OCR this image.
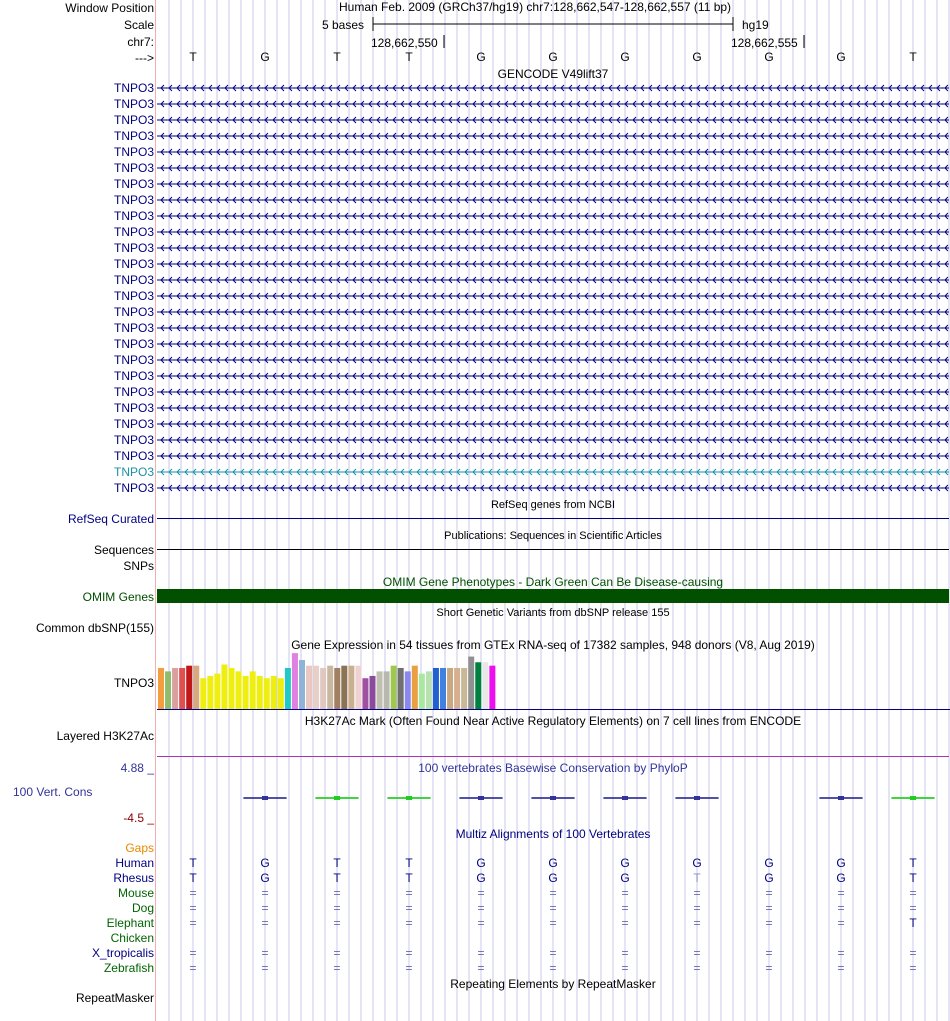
Window Position
Scale
chr7:
--->
Human Feb. 2009 (GRCh37/hg19) chr7:128,662,547-128,662,557 (11 bp)
5 bases	hg19
128,662,550	128,662,555
T	G	T	T	G	G	G	G	G	G	T
GENCODE V49lift37
TNPO3
TNPO3
TNPO3
TNPO3
TNPO3
TNPO3
TNPO3
TNPO3
TNPO3
TNPO3
TNPO3
TNPO3
TNPO3
TNPO3
TNPO3
TNPO3
TNPO3
TNPO3
TNPO3
TNPO3
TNPO3
TNPO3
TNPO3
TNPO3
TNPO3
TNPO3
RefSeq genes from NCBI
RefSeq Curated
Publications: Sequences in Scientific Articles
Sequences
SNPs
OMIM Gene Phenotypes - Dark Green Can Be Disease-causing
OMIM Genes
Short Genetic Variants from dbSNP release 155
Common dbSNP(155)
Gene Expression in 54 tissues from GTEx RNA-seq of 17382 samples, 948 donors (V8, Aug 2019)
TNPO3
H3K27Ac Mark (Often Found Near Active Regulatory Elements) on 7 cell lines from ENCODE
Layered H3K27Ac
100 vertebrates Basewise Conservation by PhyloP
4.88 _
100 Vert. Cons
-4.5 _
Multiz Alignments of 100 Vertebrates
Gaps
Human	T	G	T	T	G	G	G	G	G	G	T
Rhesus	T	G	T	T	G	G	G	T	G	G	T
Mouse	=	=	=	=	=	=	=	=	=	=	=
Dog	=	=	=	=	=	=	=	=	=	=	=
Elephant	=	=	=	=	=	=	=	=	=	=	T
Chicken
X_tropicalis	=	=	=	=	=	=	=	=	=	=	=
Zebrafish	=	=	=	=	=	=	=	=	=	=	=
Repeating Elements by RepeatMasker
RepeatMasker
